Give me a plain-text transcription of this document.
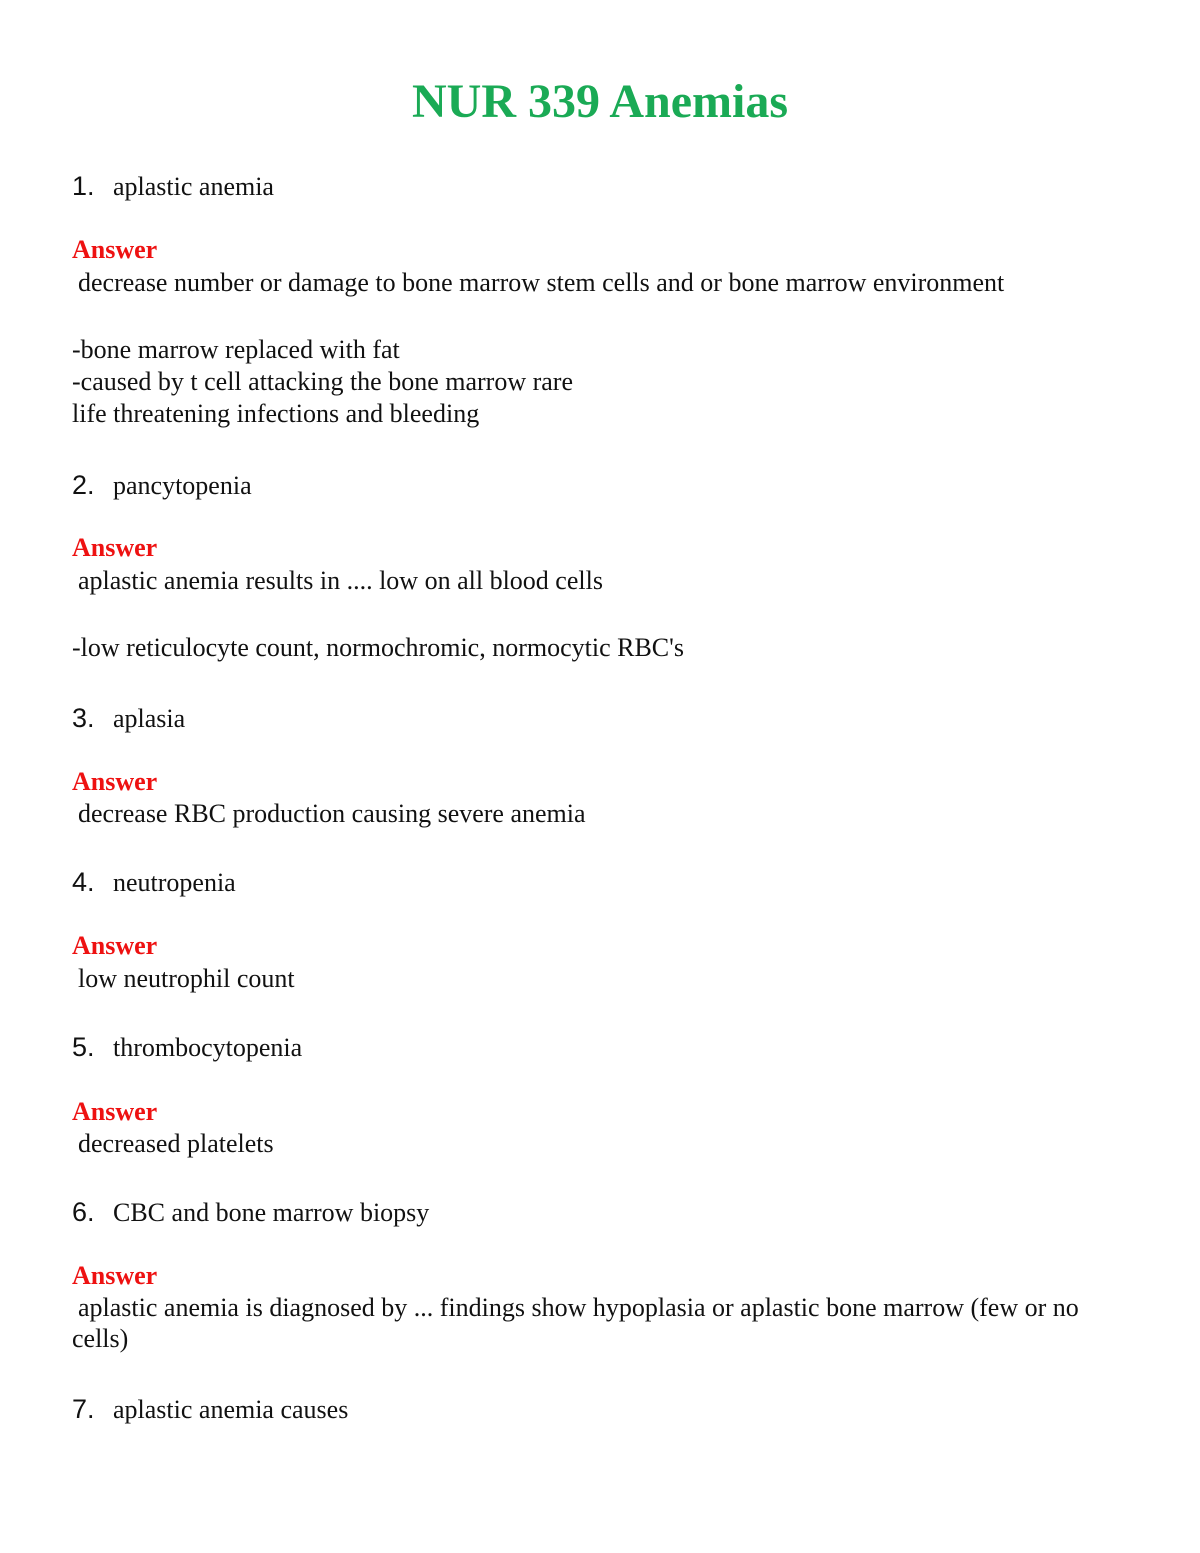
NUR 339 Anemias
1. aplastic anemia
Answer
decrease number or damage to bone marrow stem cells and or bone marrow environment
-bone marrow replaced with fat
-caused by t cell attacking the bone marrow rare
life threatening infections and bleeding
2. pancytopenia
Answer
aplastic anemia results in .... low on all blood cells
-low reticulocyte count, normochromic, normocytic RBC's
3. aplasia
Answer
decrease RBC production causing severe anemia
4. neutropenia
Answer
low neutrophil count
5. thrombocytopenia
Answer
decreased platelets
6. CBC and bone marrow biopsy
Answer
aplastic anemia is diagnosed by ... findings show hypoplasia or aplastic bone marrow (few or no cells)
7. aplastic anemia causes
